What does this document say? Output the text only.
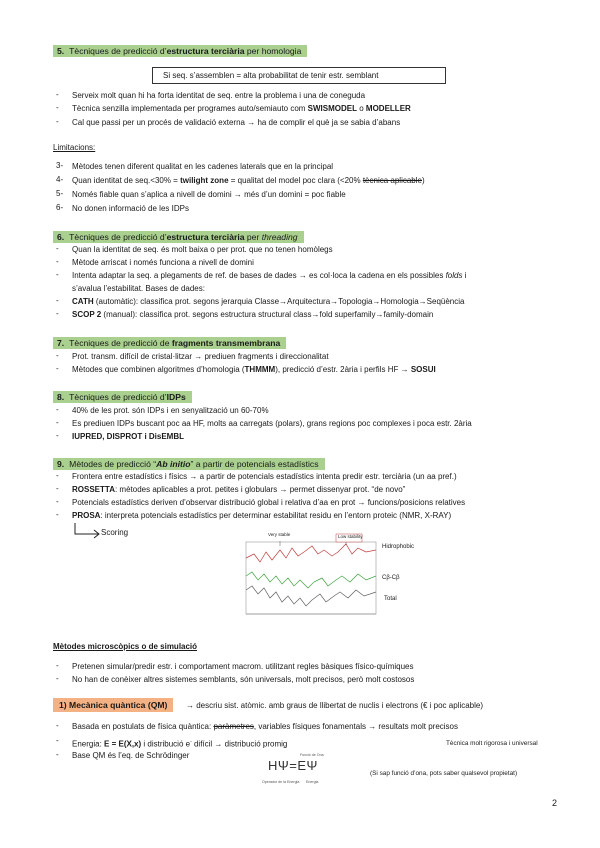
5. Tècniques de predicció d’estructura terciària per homologia
Si seq. s’assemblen = alta probabilitat de tenir estr. semblant
-	Serveix molt quan hi ha forta identitat de seq. entre la problema i una de coneguda
-	Tècnica senzilla implementada per programes auto/semiauto com SWISMODEL o MODELLER
-	Cal que passi per un procés de validació externa → ha de complir el què ja se sabia d’abans
Limitacions:
3-	Mètodes tenen diferent qualitat en les cadenes laterals que en la principal
4-	Quan identitat de seq.<30% = twilight zone = qualitat del model poc clara (<20% tècnica aplicable)
5-	Només fiable quan s’aplica a nivell de domini → més d’un domini = poc fiable
6-	No donen informació de les IDPs
6. Tècniques de predicció d’estructura terciària per threading
-	Quan la identitat de seq. és molt baixa o per prot. que no tenen homòlegs
-	Mètode arriscat i només funciona a nivell de domini
-	Intenta adaptar la seq. a plegaments de ref. de bases de dades → es col·loca la cadena en els possibles folds i
s’avalua l’estabilitat. Bases de dades:
-	CATH (automàtic): classifica prot. segons jerarquia Classe→Arquitectura→Topologia→Homologia→Seqüència
-	SCOP 2 (manual): classifica prot. segons estructura structural class→fold superfamily→family-domain
7. Tècniques de predicció de fragments transmembrana
-	Prot. transm. difícil de cristal·litzar → prediuen fragments i direccionalitat
-	Mètodes que combinen algoritmes d’homologia (THMMM), predicció d’estr. 2ària i perfils HF → SOSUI
8. Tècniques de predicció d’IDPs
-	40% de les prot. són IDPs i en senyalització un 60-70%
-	Es prediuen IDPs buscant poc aa HF, molts aa carregats (polars), grans regions poc complexes i poca estr. 2ària
-	IUPRED, DISPROT i DisEMBL
9. Mètodes de predicció “Ab initio” a partir de potencials estadístics
-	Frontera entre estadístics i físics → a partir de potencials estadístics intenta predir estr. terciària (un aa pref.)
-	ROSSETTA: mètodes aplicables a prot. petites i globulars → permet dissenyar prot. “de novo”
-	Potencials estadístics deriven d’observar distribució global i relativa d’aa en prot → funcions/posicions relatives
-	PROSA: interpreta potencials estadístics per determinar estabilitat residu en l’entorn proteic (NMR, X-RAY)
Scoring	Very stable	Low stability
Hidrophobic
Cβ-Cβ
Total
Mètodes microscòpics o de simulació
-	Pretenen simular/predir estr. i comportament macrom. utilitzant regles bàsiques físico-químiques
-	No han de conèixer altres sistemes semblants, són universals, molt precisos, però molt costosos
1) Mecànica quàntica (QM)	→ descriu sist. atòmic. amb graus de llibertat de nuclis i electrons (€ i poc aplicable)
-	Basada en postulats de física quàntica: paràmetres, variables físiques fonamentals → resultats molt precisos
-	Energia: E = E(X,x) i distribució e- difícil → distribució promig
-	Base QM és l’eq. de Schrödinger
Tècnica molt rigorosa i universal
Funció de Ona
HΨ=EΨ
Operador de la Energia Energia
(Si sap funció d’ona, pots saber qualsevol propietat)
2
